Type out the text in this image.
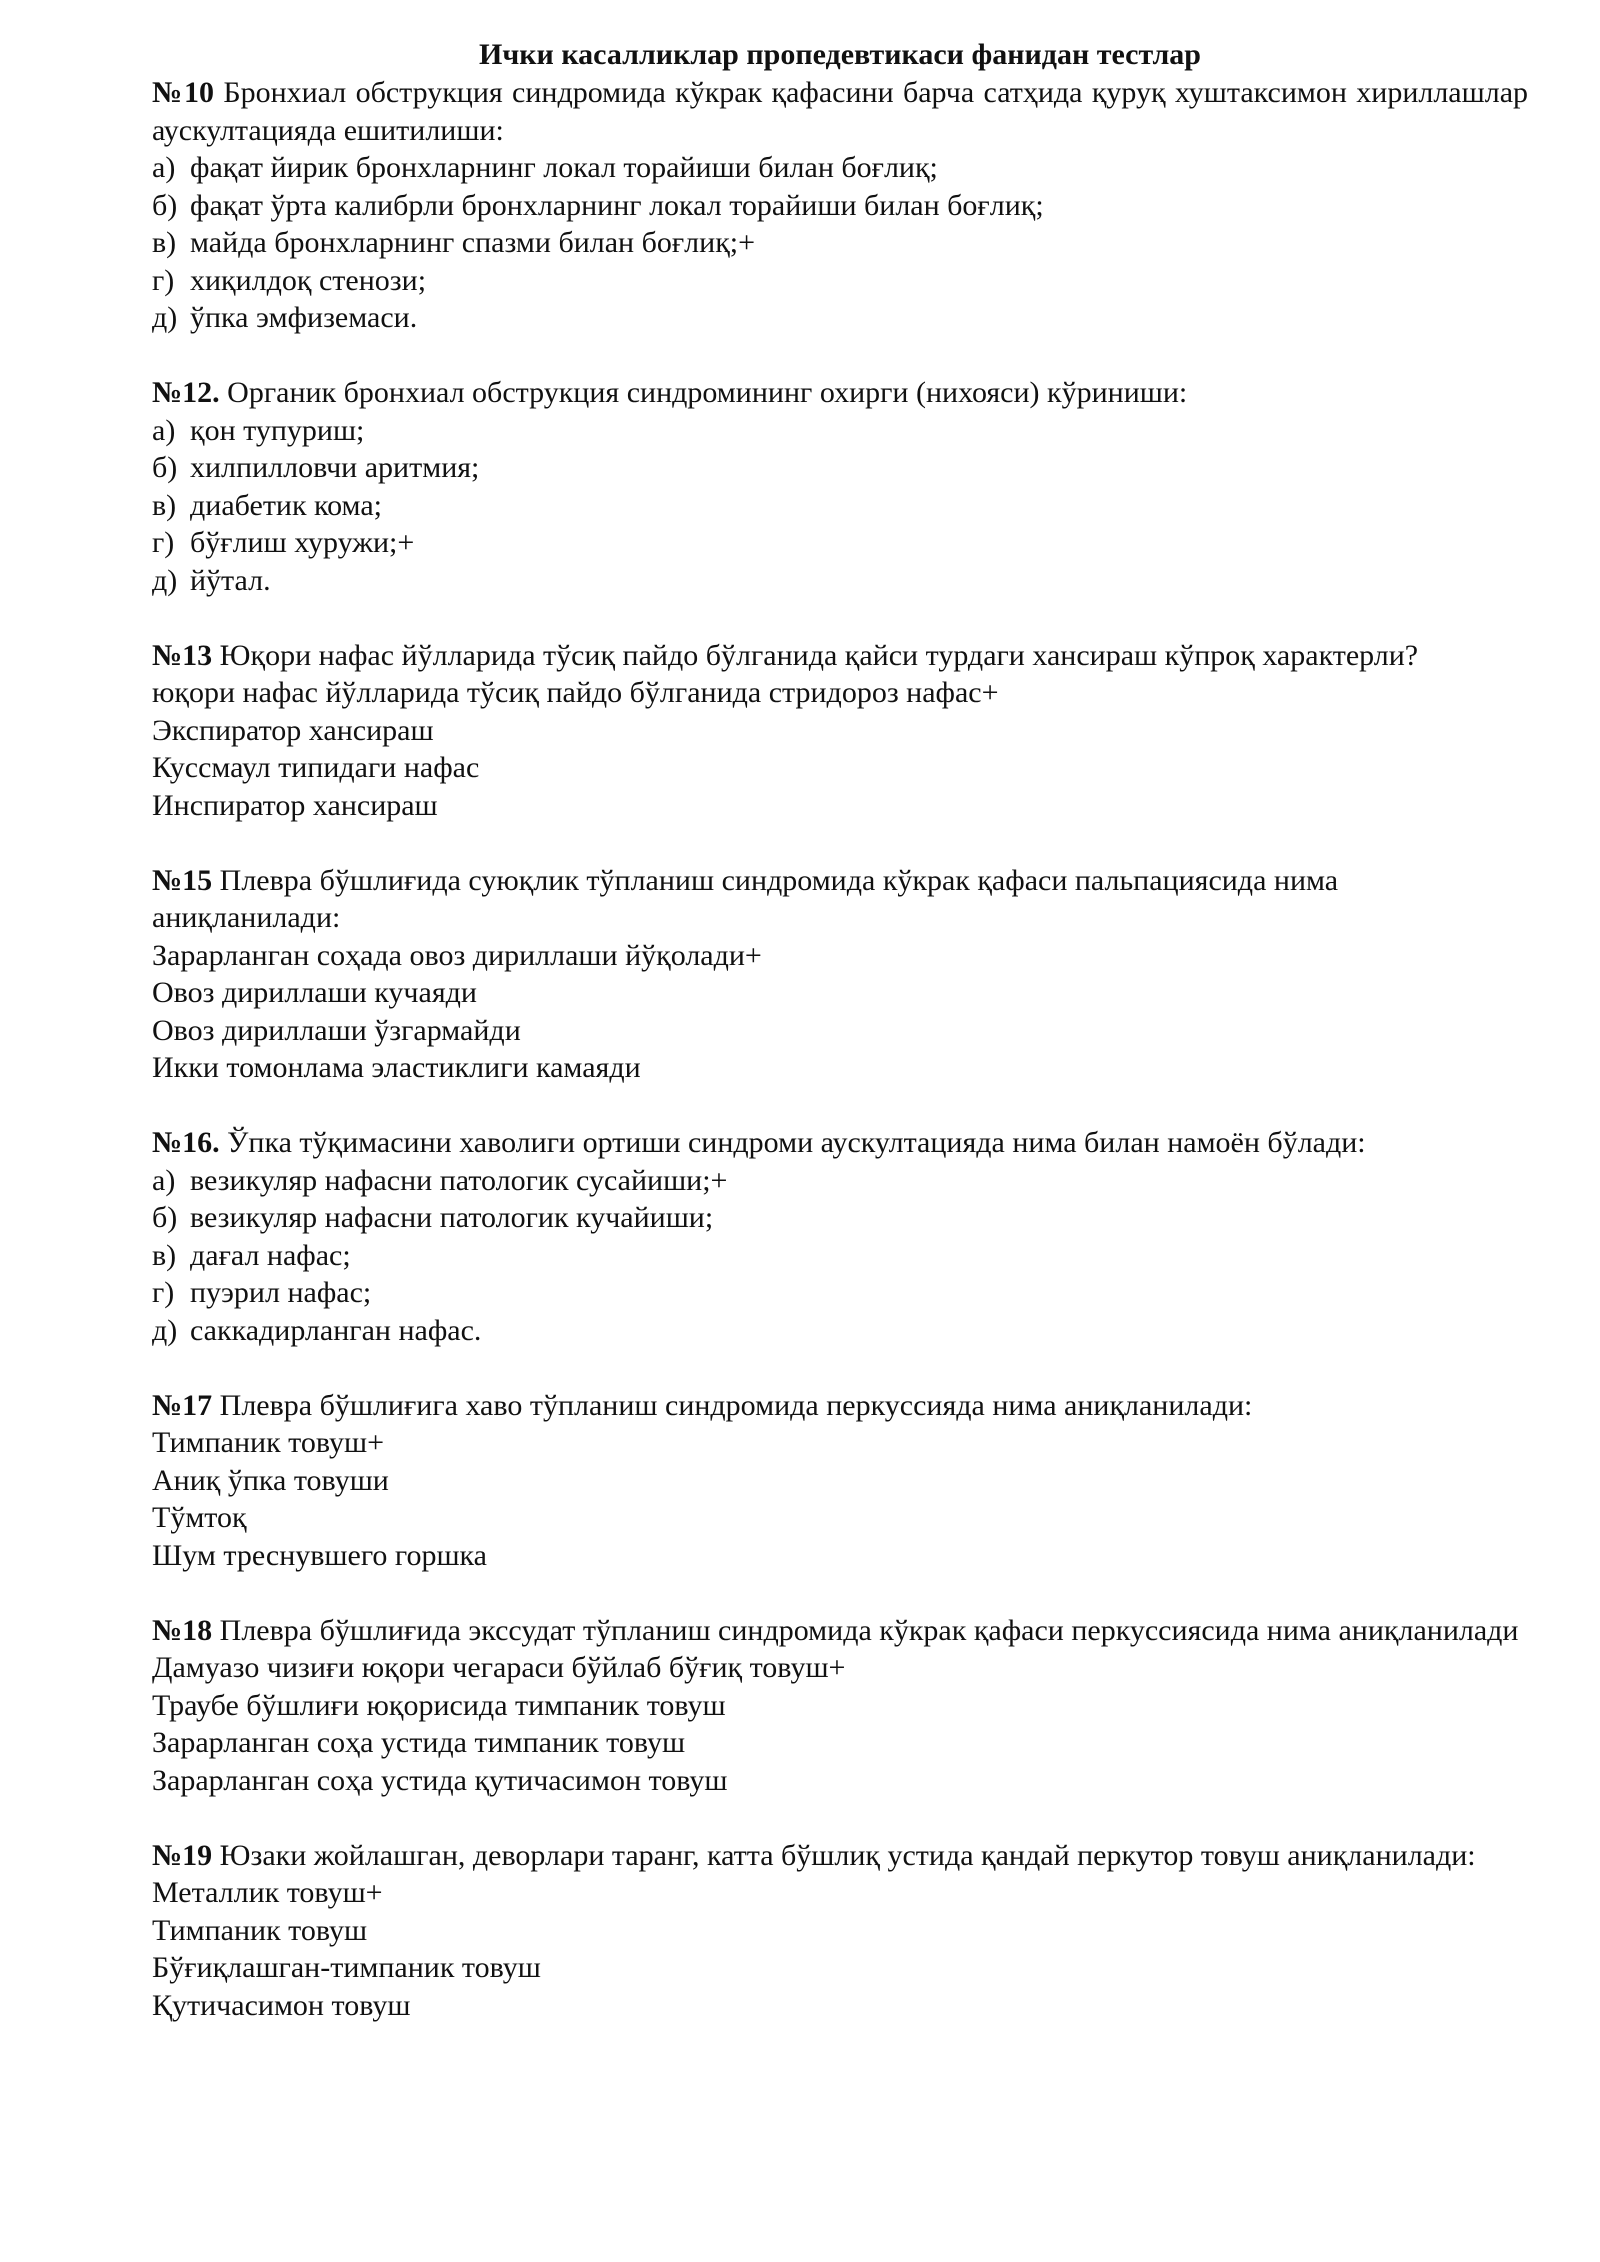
Ички касалликлар пропедевтикаси фанидан тестлар

№10 Бронхиал обструкция синдромида кўкрак қафасини барча сатҳида қуруқ хуштаксимон хириллашлар аускултацияда ешитилиши:

а) фақат йирик бронхларнинг локал торайиши билан боғлиқ;

б) фақат ўрта калибрли бронхларнинг локал торайиши билан боғлиқ;

в) майда бронхларнинг спазми билан боғлиқ;+

г) хиқилдоқ стенози;

д) ўпка эмфиземаси.

№12. Органик бронхиал обструкция синдромининг охирги (нихояси) кўриниши:

а) қон тупуриш;

б) хилпилловчи аритмия;

в) диабетик кома;

г) бўғлиш хуружи;+

д) йўтал.

№13 Юқори нафас йўлларида тўсиқ пайдо бўлганида қайси турдаги хансираш кўпроқ характерли?

юқори нафас йўлларида тўсиқ пайдо бўлганида стридороз нафас+

Экспиратор хансираш

Куссмаул типидаги нафас

Инспиратор хансираш

№15 Плевра бўшлиғида суюқлик тўпланиш синдромида кўкрак қафаси пальпациясида нима аниқланилади:

Зарарланган соҳада овоз дириллаши йўқолади+

Овоз дириллаши кучаяди

Овоз дириллаши ўзгармайди

Икки томонлама эластиклиги камаяди

№16. Ўпка тўқимасини хаволиги ортиши синдроми аускултацияда нима билан намоён бўлади:

а) везикуляр нафасни патологик сусайиши;+

б) везикуляр нафасни патологик кучайиши;

в) дағал нафас;

г) пуэрил нафас;

д) саккадирланган нафас.

№17 Плевра бўшлиғига хаво тўпланиш синдромида перкуссияда нима аниқланилади:

Тимпаник товуш+

Аниқ ўпка товуши

Тўмтоқ

Шум треснувшего горшка

№18 Плевра бўшлиғида экссудат тўпланиш синдромида кўкрак қафаси перкуссиясида нима аниқланилади

Дамуазо чизиғи юқори чегараси бўйлаб бўғиқ товуш+

Траубе бўшлиғи юқорисида тимпаник товуш

Зарарланган соҳа устида тимпаник товуш

Зарарланган соҳа устида қутичасимон товуш

№19 Юзаки жойлашган, деворлари таранг, катта бўшлиқ устида қандай перкутор товуш аниқланилади:

Металлик товуш+

Тимпаник товуш

Бўғиқлашган-тимпаник товуш

Қутичасимон товуш
